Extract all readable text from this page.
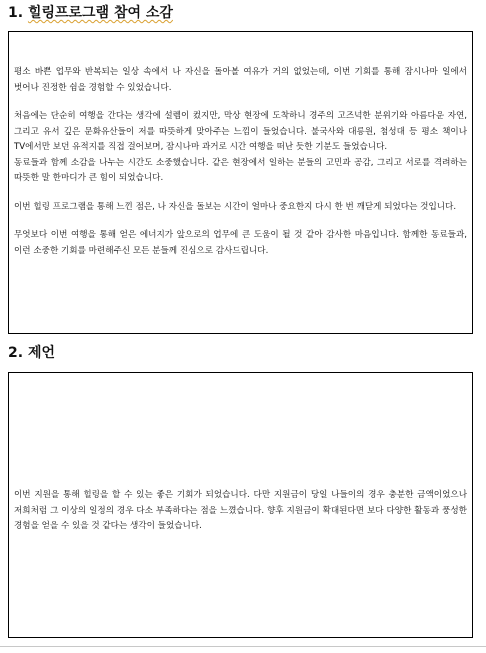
1. 힐링프로그램 참여 소감

평소 바쁜 업무와 반복되는 일상 속에서 나 자신을 돌아볼 여유가 거의 없었는데, 이번 기회를 통해 잠시나마 일에서 벗어나 진정한 쉼을 경험할 수 있었습니다.

처음에는 단순히 여행을 간다는 생각에 설렘이 컸지만, 막상 현장에 도착하니 경주의 고즈넉한 분위기와 아름다운 자연, 그리고 유서 깊은 문화유산들이 저를 따뜻하게 맞아주는 느낌이 들었습니다. 불국사와 대릉원, 첨성대 등 평소 책이나 TV에서만 보던 유적지를 직접 걸어보며, 잠시나마 과거로 시간 여행을 떠난 듯한 기분도 들었습니다.

동료들과 함께 소감을 나누는 시간도 소중했습니다. 같은 현장에서 일하는 분들의 고민과 공감, 그리고 서로를 격려하는 따뜻한 말 한마디가 큰 힘이 되었습니다.

이번 힐링 프로그램을 통해 느낀 점은, 나 자신을 돌보는 시간이 얼마나 중요한지 다시 한 번 깨닫게 되었다는 것입니다.

무엇보다 이번 여행을 통해 얻은 에너지가 앞으로의 업무에 큰 도움이 될 것 같아 감사한 마음입니다. 함께한 동료들과, 이런 소중한 기회를 마련해주신 모든 분들께 진심으로 감사드립니다.

2. 제언

이번 지원을 통해 힐링을 할 수 있는 좋은 기회가 되었습니다. 다만 지원금이 당일 나들이의 경우 충분한 금액이었으나 저희처럼 그 이상의 일정의 경우 다소 부족하다는 점을 느꼈습니다. 향후 지원금이 확대된다면 보다 다양한 활동과 풍성한 경험을 얻을 수 있을 것 같다는 생각이 들었습니다.
